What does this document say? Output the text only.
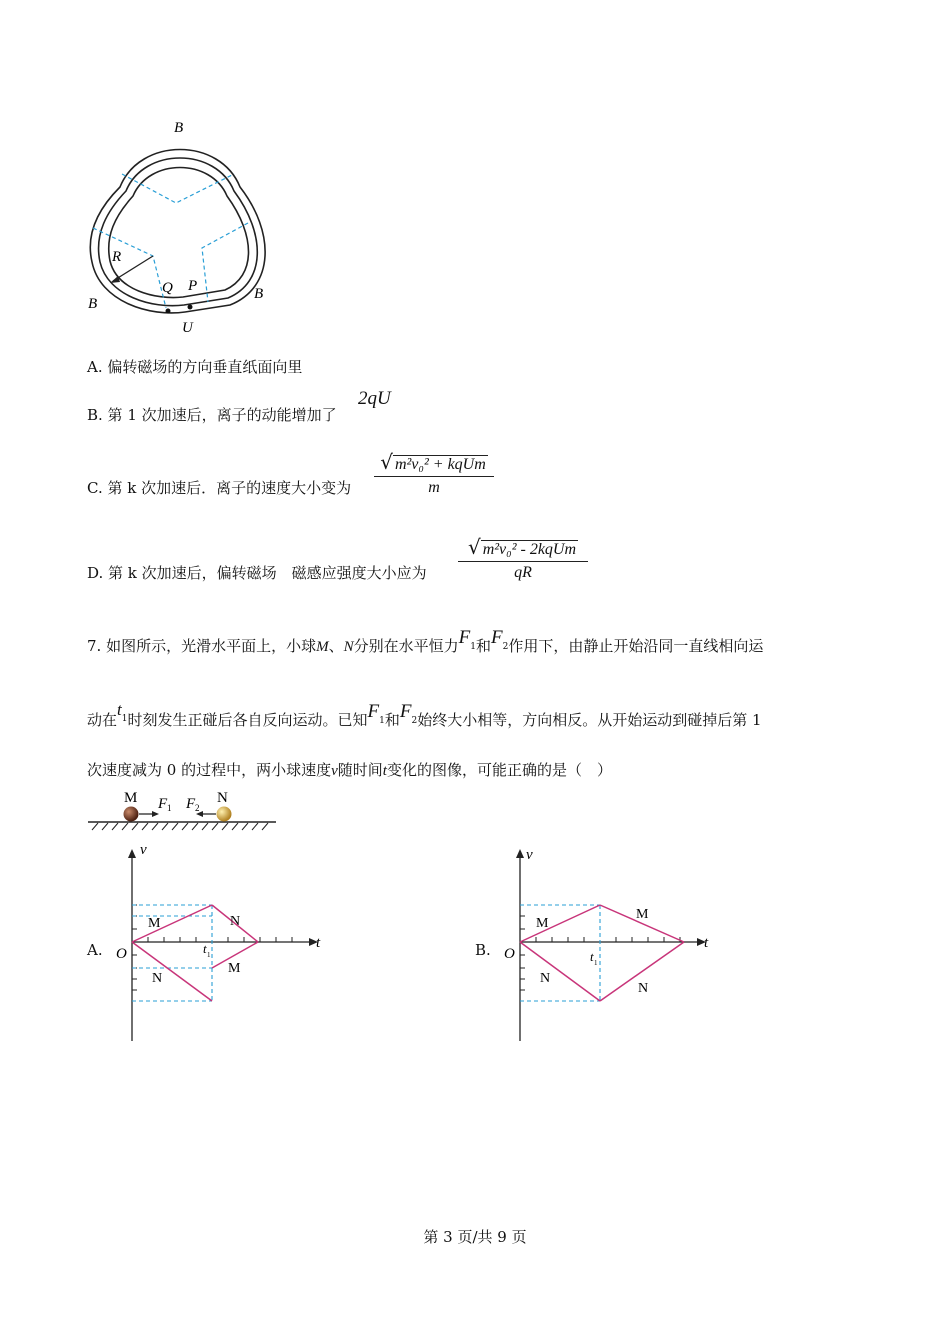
B
B
B
R
Q P
U
A. 偏转磁场的方向垂直纸面向里
B. 第 1 次加速后，离子的动能增加了
2qU
C. 第 k 次加速后．离子的速度大小变为
√ m²v₀² + kqUm
m
D. 第 k 次加速后，偏转磁场　磁感应强度大小应为
√ m²v₀² - 2kqUm
qR
7. 如图所示，光滑水平面上，小球M、N分别在水平恒力$F_1$和$F_2$作用下，由静止开始沿同一直线相向运
动在$t_1$时刻发生正碰后各自反向运动。已知$F_1$和$F_2$始终大小相等，方向相反。从开始运动到碰掉后第 1
次速度减为 0 的过程中，两小球速度v随时间t变化的图像，可能正确的是（　）
M	N
F 1 F 2
A.
v
t
O	t 1
M	N
N
M
B.
v
t
O	t 1
M
M
N
N
第 3 页/共 9 页
